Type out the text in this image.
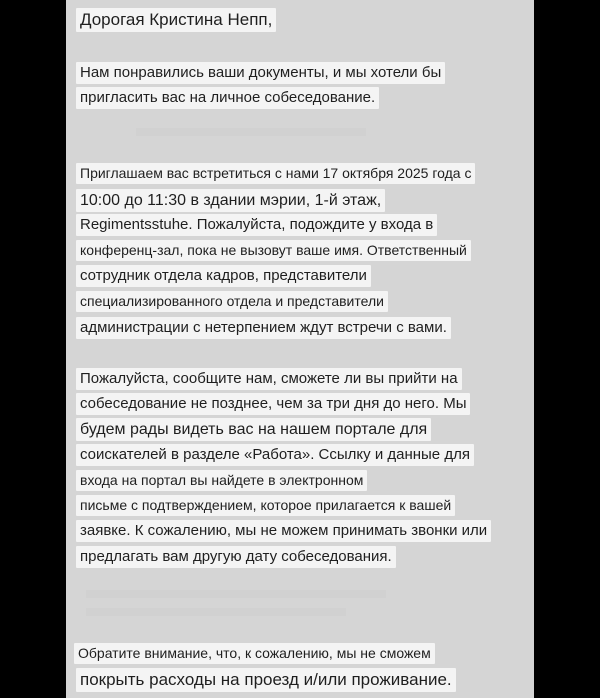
Дорогая Кристина Непп,
Нам понравились ваши документы, и мы хотели бы
пригласить вас на личное собеседование.
Приглашаем вас встретиться с нами 17 октября 2025 года с
10:00 до 11:30 в здании мэрии, 1-й этаж,
Regimentsstuhe. Пожалуйста, подождите у входа в
конференц-зал, пока не вызовут ваше имя. Ответственный
сотрудник отдела кадров, представители
специализированного отдела и представители
администрации с нетерпением ждут встречи с вами.
Пожалуйста, сообщите нам, сможете ли вы прийти на
собеседование не позднее, чем за три дня до него. Мы
будем рады видеть вас на нашем портале для
соискателей в разделе «Работа». Ссылку и данные для
входа на портал вы найдете в электронном
письме с подтверждением, которое прилагается к вашей
заявке. К сожалению, мы не можем принимать звонки или
предлагать вам другую дату собеседования.
Обратите внимание, что, к сожалению, мы не сможем
покрыть расходы на проезд и/или проживание.
